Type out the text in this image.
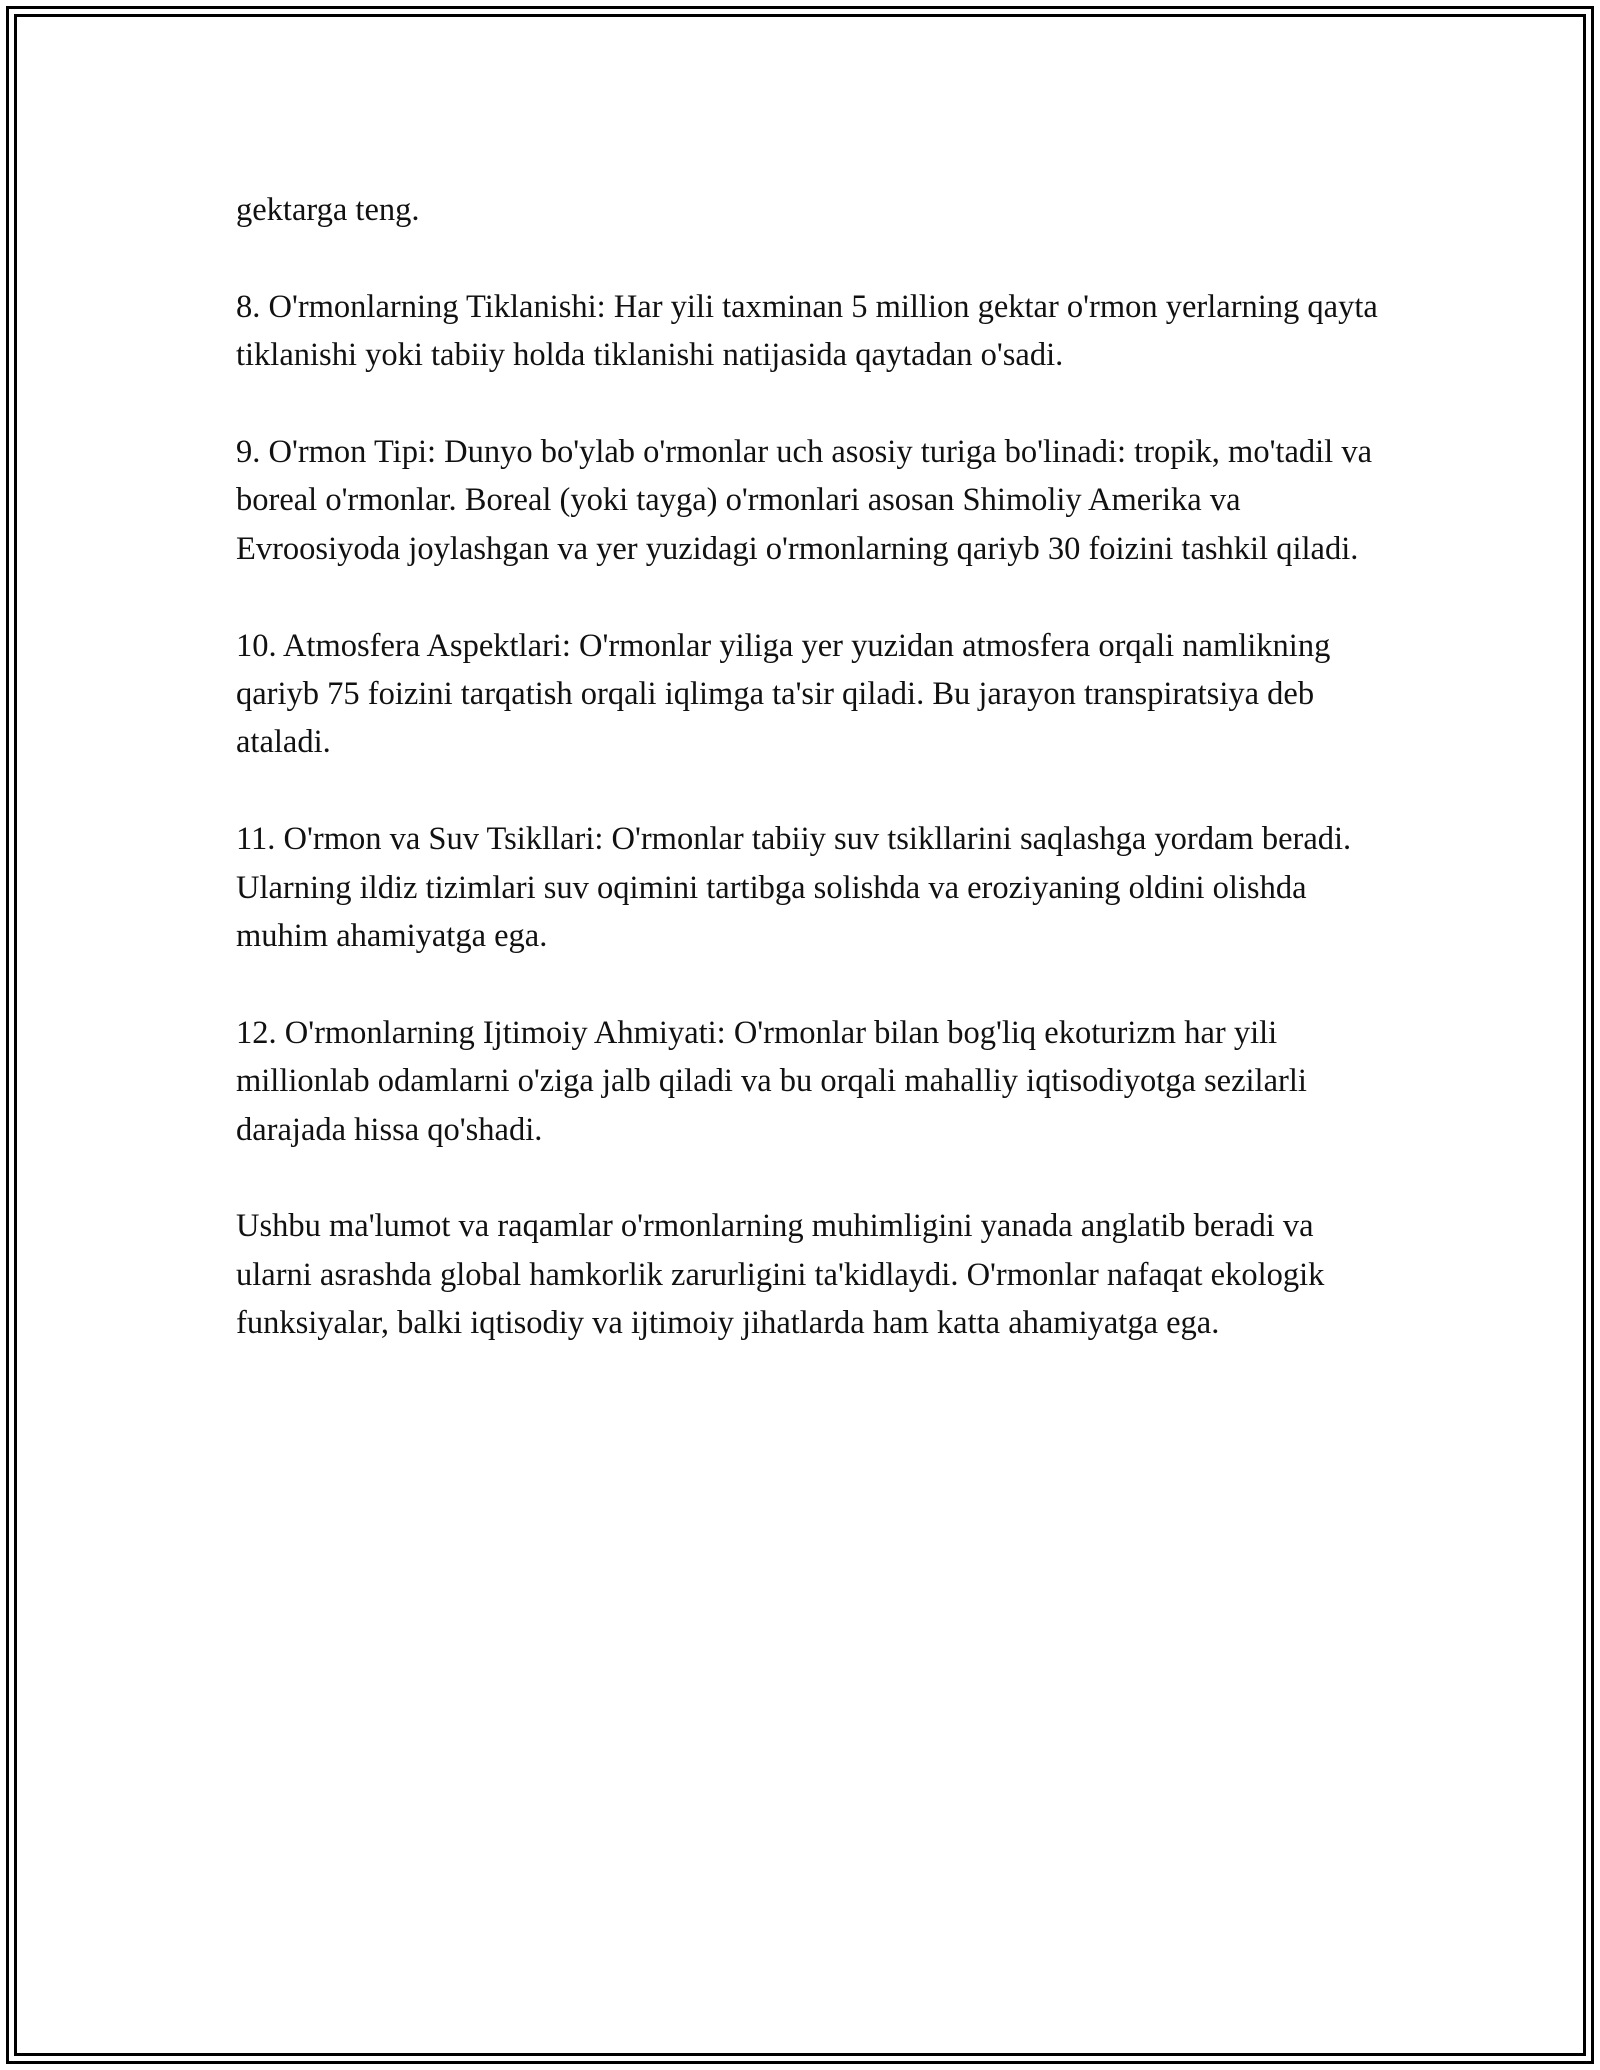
gektarga teng.

8. O'rmonlarning Tiklanishi: Har yili taxminan 5 million gektar o'rmon yerlarning qayta tiklanishi yoki tabiiy holda tiklanishi natijasida qaytadan o'sadi.

9. O'rmon Tipi: Dunyo bo'ylab o'rmonlar uch asosiy turiga bo'linadi: tropik, mo'tadil va boreal o'rmonlar. Boreal (yoki tayga) o'rmonlari asosan Shimoliy Amerika va Evroosiyoda joylashgan va yer yuzidagi o'rmonlarning qariyb 30 foizini tashkil qiladi.

10. Atmosfera Aspektlari: O'rmonlar yiliga yer yuzidan atmosfera orqali namlikning qariyb 75 foizini tarqatish orqali iqlimga ta'sir qiladi. Bu jarayon transpiratsiya deb ataladi.

11. O'rmon va Suv Tsikllari: O'rmonlar tabiiy suv tsikllarini saqlashga yordam beradi. Ularning ildiz tizimlari suv oqimini tartibga solishda va eroziyaning oldini olishda muhim ahamiyatga ega.

12. O'rmonlarning Ijtimoiy Ahmiyati: O'rmonlar bilan bog'liq ekoturizm har yili millionlab odamlarni o'ziga jalb qiladi va bu orqali mahalliy iqtisodiyotga sezilarli darajada hissa qo'shadi.

Ushbu ma'lumot va raqamlar o'rmonlarning muhimligini yanada anglatib beradi va ularni asrashda global hamkorlik zarurligini ta'kidlaydi. O'rmonlar nafaqat ekologik funksiyalar, balki iqtisodiy va ijtimoiy jihatlarda ham katta ahamiyatga ega.
